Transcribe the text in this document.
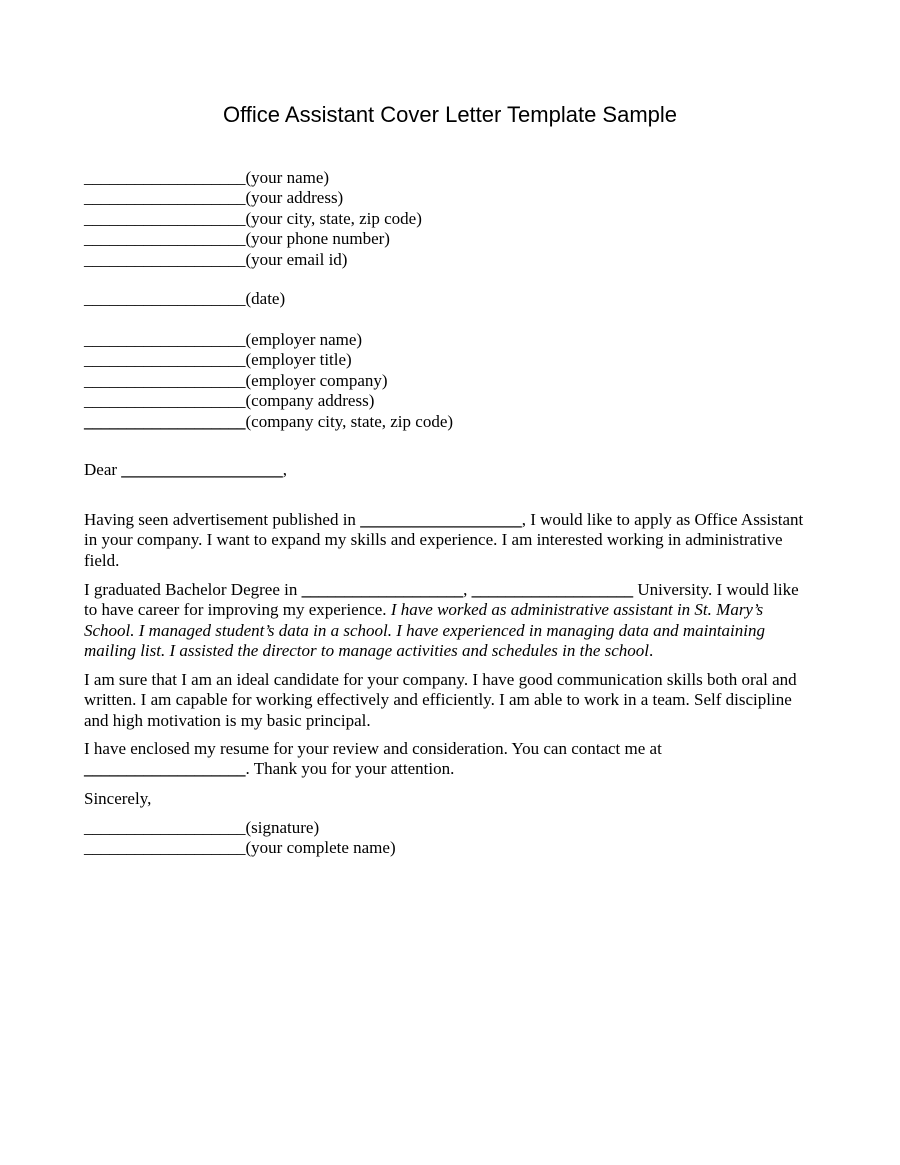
Office Assistant Cover Letter Template Sample
___________________(your name)
___________________(your address)
___________________(your city, state, zip code)
___________________(your phone number)
___________________(your email id)
___________________(date)
___________________(employer name)
___________________(employer title)
___________________(employer company)
___________________(company address)
___________________(company city, state, zip code)
Dear ___________________,

Having seen advertisement published in ___________________, I would like to apply as Office Assistant in your company. I want to expand my skills and experience. I am interested working in administrative field.

I graduated Bachelor Degree in ___________________, ___________________ University. I would like to have career for improving my experience. I have worked as administrative assistant in St. Mary’s School. I managed student’s data in a school. I have experienced in managing data and maintaining mailing list. I assisted the director to manage activities and schedules in the school.

I am sure that I am an ideal candidate for your company. I have good communication skills both oral and written. I am capable for working effectively and efficiently. I am able to work in a team. Self discipline and high motivation is my basic principal.

I have enclosed my resume for your review and consideration. You can contact me at
___________________. Thank you for your attention.

Sincerely,
___________________(signature)
___________________(your complete name)
